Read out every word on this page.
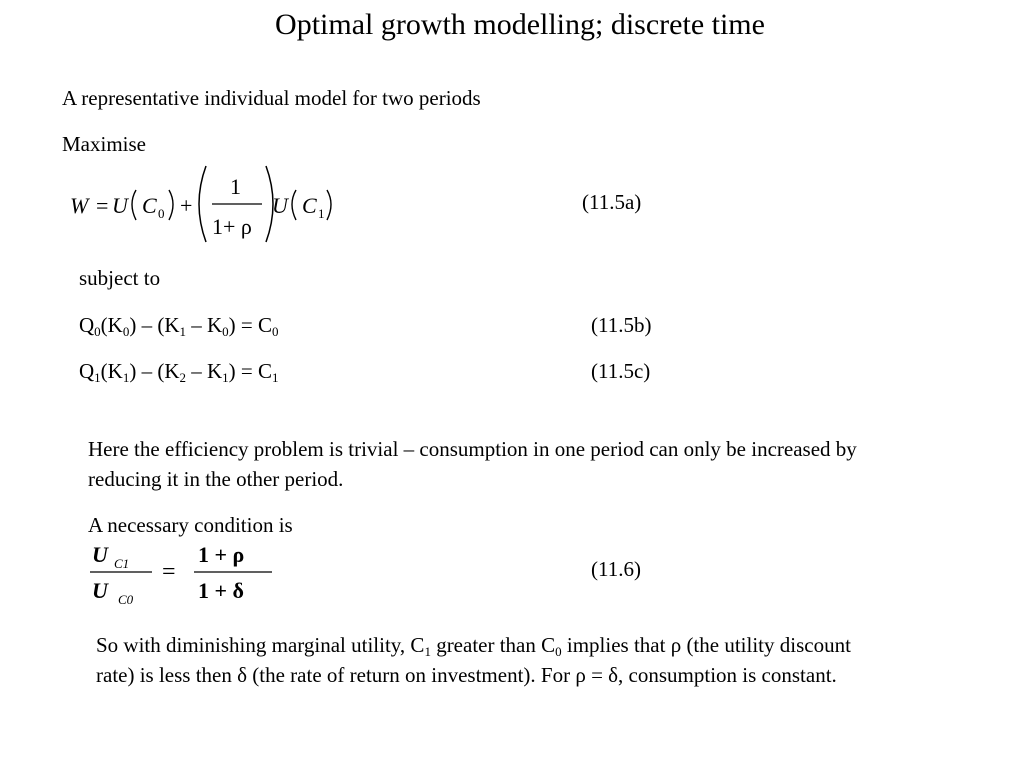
Optimal growth modelling; discrete time
A representative individual model for two periods
Maximise
W = U C 0 +
1
1+ ρ
U C 1	(11.5a)
subject to
$Q_0(K_0) - (K_1 - K_0) = C_0$	(11.5b)
$Q_1(K_1) - (K_2 - K_1) = C_1$	(11.5c)
Here the efficiency problem is trivial – consumption in one period can only be increased by reducing it in the other period.
A necessary condition is
U C1
U C0
=
1 + ρ
1 + δ
(11.6)
So with diminishing marginal utility, $C_1$ greater than $C_0$ implies that ρ (the utility discount rate) is less then δ (the rate of return on investment). For ρ = δ, consumption is constant.
